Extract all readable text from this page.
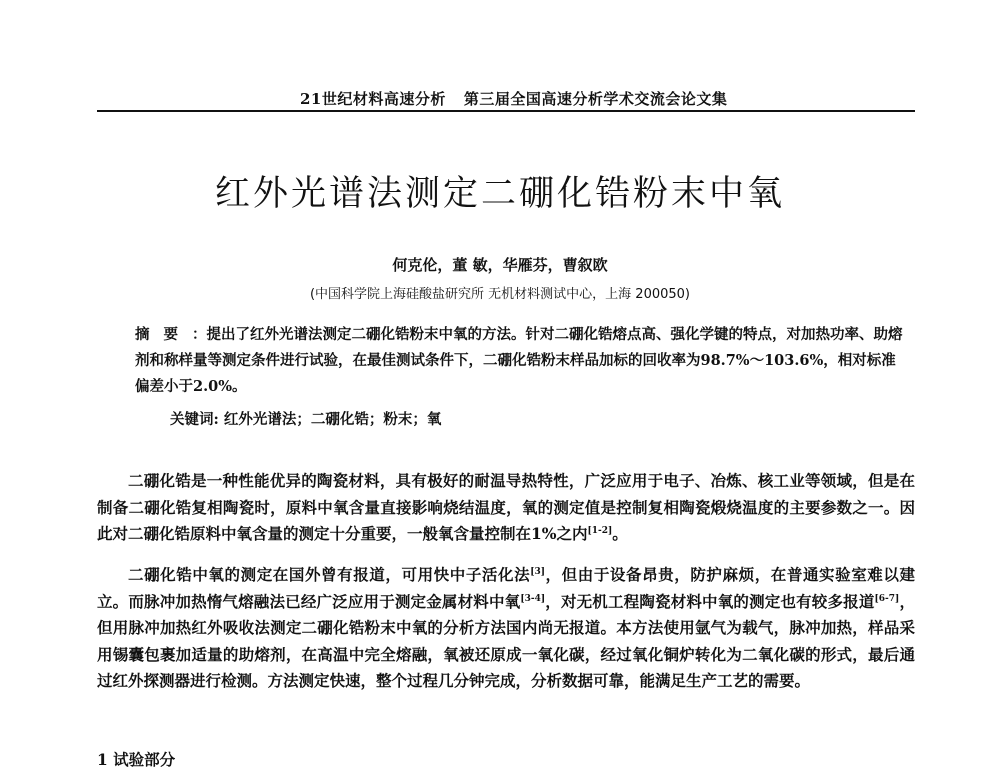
21世纪材料高速分析 第三届全国高速分析学术交流会论文集
红外光谱法测定二硼化锆粉末中氧
何克伦，董 敏，华雁芬，曹叙欧
(中国科学院上海硅酸盐研究所 无机材料测试中心，上海 200050)
摘要：提出了红外光谱法测定二硼化锆粉末中氧的方法。针对二硼化锆熔点高、强化学键的特点，对加热功率、助熔剂和称样量等测定条件进行试验，在最佳测试条件下，二硼化锆粉末样品加标的回收率为98.7%～103.6%，相对标准偏差小于2.0%。
关键词: 红外光谱法；二硼化锆；粉末；氧

二硼化锆是一种性能优异的陶瓷材料，具有极好的耐温导热特性，广泛应用于电子、冶炼、核工业等领域，但是在制备二硼化锆复相陶瓷时，原料中氧含量直接影响烧结温度，氧的测定值是控制复相陶瓷煅烧温度的主要参数之一。因此对二硼化锆原料中氧含量的测定十分重要，一般氧含量控制在1%之内[1-2]。

二硼化锆中氧的测定在国外曾有报道，可用快中子活化法[3]，但由于设备昂贵，防护麻烦，在普通实验室难以建立。而脉冲加热惰气熔融法已经广泛应用于测定金属材料中氧[3-4]，对无机工程陶瓷材料中氧的测定也有较多报道[6-7]，但用脉冲加热红外吸收法测定二硼化锆粉末中氧的分析方法国内尚无报道。本方法使用氩气为载气，脉冲加热，样品采用锡囊包裹加适量的助熔剂，在高温中完全熔融，氧被还原成一氧化碳，经过氧化铜炉转化为二氧化碳的形式，最后通过红外探测器进行检测。方法测定快速，整个过程几分钟完成，分析数据可靠，能满足生产工艺的需要。

1 试验部分
